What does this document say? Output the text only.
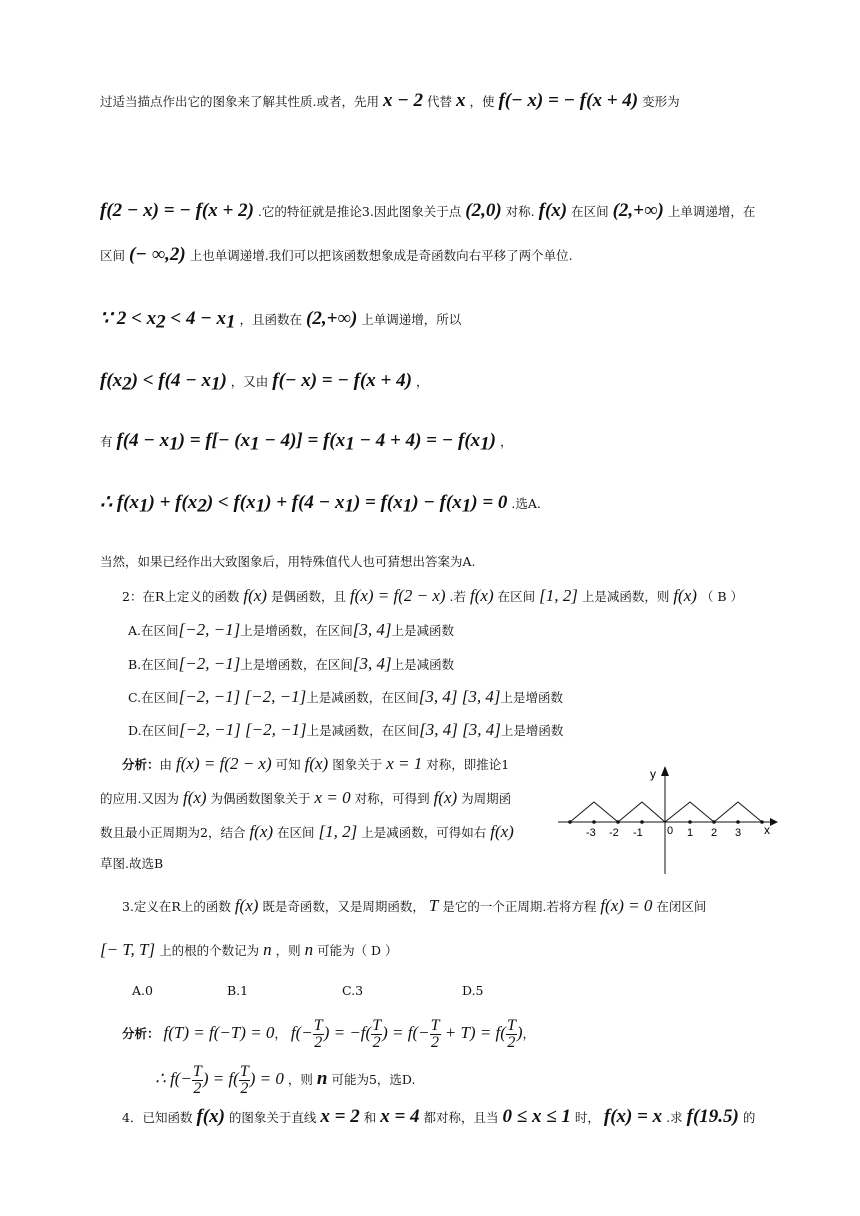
过适当描点作出它的图象来了解其性质.或者，先用 x − 2 代替 x ，使 f(− x) = − f(x + 4) 变形为
f(2 − x) = − f(x + 2) .它的特征就是推论3.因此图象关于点 (2,0) 对称. f(x) 在区间 (2,+∞) 上单调递增，在
区间 (− ∞,2) 上也单调递增.我们可以把该函数想象成是奇函数向右平移了两个单位.
∵ $2 < x_2 < 4 - x_1$ ，且函数在 (2,+∞) 上单调递增，所以
$f(x_2) < f(4 - x_1)$ ，又由 f(− x) = − f(x + 4) ，
有 $f(4 - x_1) = f[- (x_1 - 4)] = f(x_1 - 4 + 4)$ = − $f(x_1)$ ，
∴ $f(x_1) + f(x_2) < f(x_1) + f(4 - x_1) = f(x_1) - f(x_1) = 0$ .选A.
当然，如果已经作出大致图象后，用特殊值代人也可猜想出答案为A.
2：在R上定义的函数 f(x) 是偶函数，且 f(x) = f(2 − x) .若 f(x) 在区间 [1, 2] 上是减函数，则 f(x) （ B ）
A.在区间[−2, −1]上是增函数，在区间[3, 4]上是减函数
B.在区间[−2, −1]上是增函数，在区间[3, 4]上是减函数
C.在区间[−2, −1] [−2, −1]上是减函数，在区间[3, 4] [3, 4]上是增函数
D.在区间[−2, −1] [−2, −1]上是减函数，在区间[3, 4] [3, 4]上是增函数
分析：由 f(x) = f(2 − x) 可知 f(x) 图象关于 x = 1 对称，即推论1
的应用.又因为 f(x) 为偶函数图象关于 x = 0 对称，可得到 f(x) 为周期函
数且最小正周期为2，结合 f(x) 在区间 [1, 2] 上是减函数，可得如右 f(x)
草图.故选B
y
x
0
-3 -2 -1	1 2 3
3.定义在R上的函数 f(x) 既是奇函数，又是周期函数， T 是它的一个正周期.若将方程 f(x) = 0 在闭区间
[− T, T] 上的根的个数记为 n ，则 n 可能为（ D ）
A.0	B.1	C.3	D.5
分析： f(T) = f(−T) = 0， $f(- \frac{T}{2}$ ) = $-f( \frac{T}{2}$ ) = $f(- \frac{T}{2} + T) = f( \frac{T}{2}$ )，
∴ $f(- \frac{T}{2}$ ) = $f( \frac{T}{2}$ ) = 0 ，则 n 可能为5，选D.
4．已知函数 f(x) 的图象关于直线 x = 2 和 x = 4 都对称，且当 0 ≤ x ≤ 1 时， f(x) = x .求 f(19.5) 的
